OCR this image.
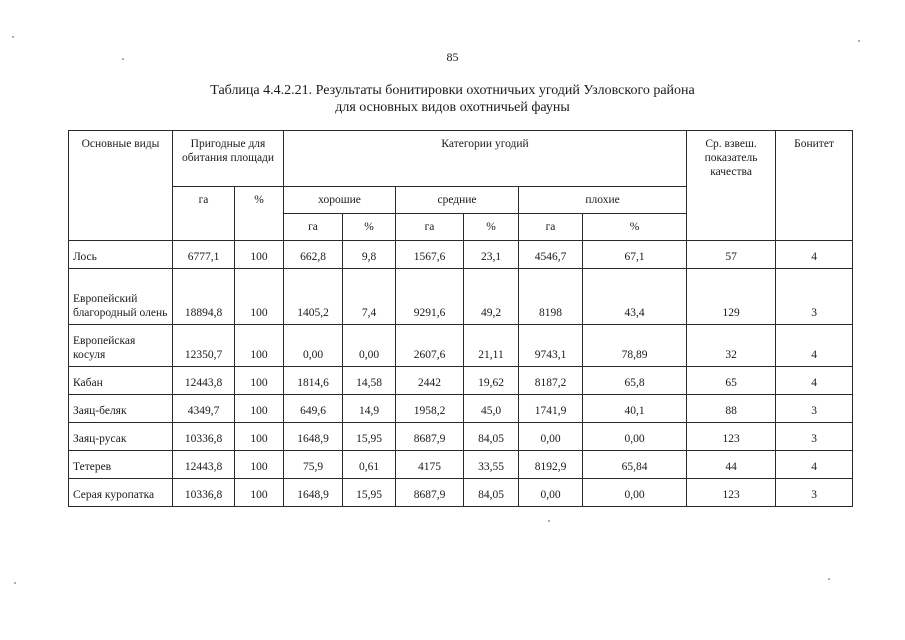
85
Таблица 4.4.2.21. Результаты бонитировки охотничьих угодий Узловского района
для основных видов охотничьей фауны
Основные виды	Пригодные для обитания площади		Категории угодий						Ср. взвеш. показатель качества	Бонитет
	га	%	хорошие		средние		плохие			
			га	%	га	%	га	%		
Лось	6777,1	100	662,8	9,8	1567,6	23,1	4546,7	67,1	57	4
Европейский благородный олень	18894,8	100	1405,2	7,4	9291,6	49,2	8198	43,4	129	3
Европейская косуля	12350,7	100	0,00	0,00	2607,6	21,11	9743,1	78,89	32	4
Кабан	12443,8	100	1814,6	14,58	2442	19,62	8187,2	65,8	65	4
Заяц-беляк	4349,7	100	649,6	14,9	1958,2	45,0	1741,9	40,1	88	3
Заяц-русак	10336,8	100	1648,9	15,95	8687,9	84,05	0,00	0,00	123	3
Тетерев	12443,8	100	75,9	0,61	4175	33,55	8192,9	65,84	44	4
Серая куропатка	10336,8	100	1648,9	15,95	8687,9	84,05	0,00	0,00	123	3
